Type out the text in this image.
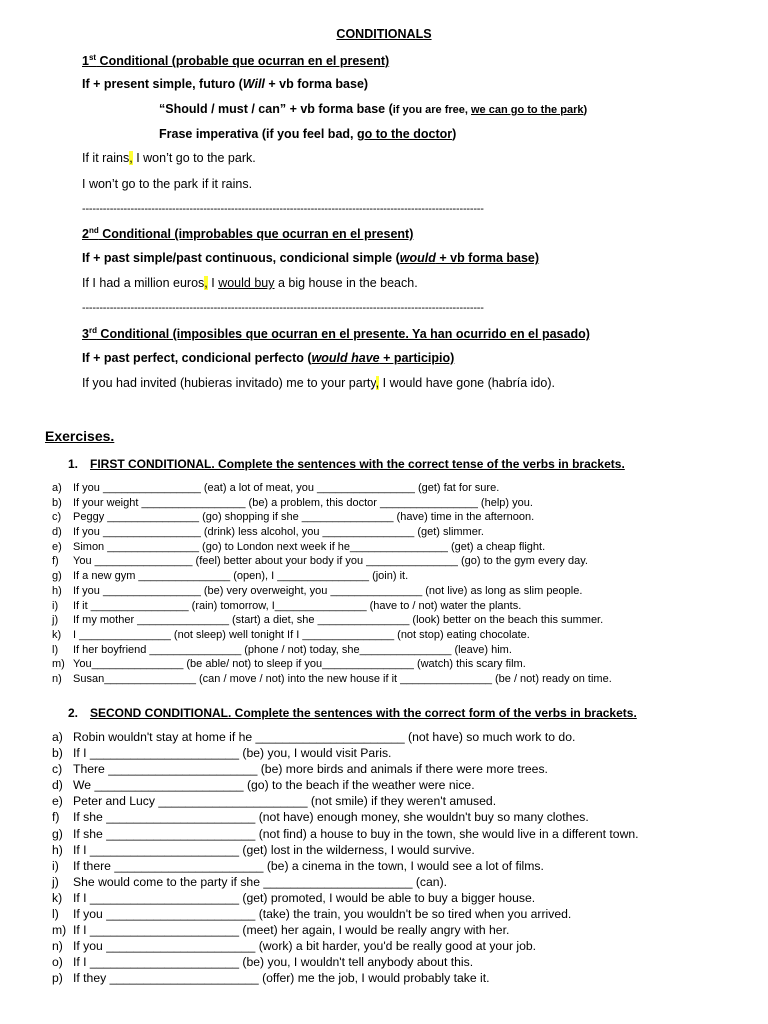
CONDITIONALS
1st Conditional (probable que ocurran en el present)
If + present simple, futuro (Will + vb forma base)
“Should / must / can” + vb forma base (if you are free, we can go to the park)
Frase imperativa (if you feel bad, go to the doctor)
If it rains, I won’t go to the park.
I won’t go to the park if it rains.
--------------------------------------------------------------------------------------------------------------------
2nd Conditional (improbables que ocurran en el present)
If + past simple/past continuous, condicional simple (would + vb forma base)
If I had a million euros, I would buy a big house in the beach.
--------------------------------------------------------------------------------------------------------------------
3rd Conditional (imposibles que ocurran en el presente. Ya han ocurrido en el pasado)
If + past perfect, condicional perfecto (would have + participio)
If you had invited (hubieras invitado) me to your party, I would have gone (habría ido).
Exercises.
1. FIRST CONDITIONAL. Complete the sentences with the correct tense of the verbs in brackets.
a) If you ________________ (eat) a lot of meat, you ________________ (get) fat for sure.
b) If your weight _________________ (be) a problem, this doctor ________________ (help) you.
c) Peggy _______________ (go) shopping if she _______________ (have) time in the afternoon.
d) If you ________________ (drink) less alcohol, you _______________ (get) slimmer.
e) Simon _______________ (go) to London next week if he________________ (get) a cheap flight.
f) You ________________ (feel) better about your body if you _______________ (go) to the gym every day.
g) If a new gym _______________ (open), I _______________ (join) it.
h) If you ________________ (be) very overweight, you _______________ (not live) as long as slim people.
i) If it ________________ (rain) tomorrow, I_______________ (have to / not) water the plants.
j) If my mother _______________ (start) a diet, she _______________ (look) better on the beach this summer.
k) I _______________ (not sleep) well tonight If I _______________ (not stop) eating chocolate.
l) If her boyfriend _______________ (phone / not) today, she_______________ (leave) him.
m) You_______________ (be able/ not) to sleep if you_______________ (watch) this scary film.
n) Susan_______________ (can / move / not) into the new house if it _______________ (be / not) ready on time.
2. SECOND CONDITIONAL. Complete the sentences with the correct form of the verbs in brackets.
a) Robin wouldn't stay at home if he ______________________ (not have) so much work to do.
b) If I ______________________ (be) you, I would visit Paris.
c) There ______________________ (be) more birds and animals if there were more trees.
d) We ______________________ (go) to the beach if the weather were nice.
e) Peter and Lucy ______________________ (not smile) if they weren't amused.
f) If she ______________________ (not have) enough money, she wouldn't buy so many clothes.
g) If she ______________________ (not find) a house to buy in the town, she would live in a different town.
h) If I ______________________ (get) lost in the wilderness, I would survive.
i) If there ______________________ (be) a cinema in the town, I would see a lot of films.
j) She would come to the party if she ______________________ (can).
k) If I ______________________ (get) promoted, I would be able to buy a bigger house.
l) If you ______________________ (take) the train, you wouldn't be so tired when you arrived.
m) If I ______________________ (meet) her again, I would be really angry with her.
n) If you ______________________ (work) a bit harder, you'd be really good at your job.
o) If I ______________________ (be) you, I wouldn't tell anybody about this.
p) If they ______________________ (offer) me the job, I would probably take it.
